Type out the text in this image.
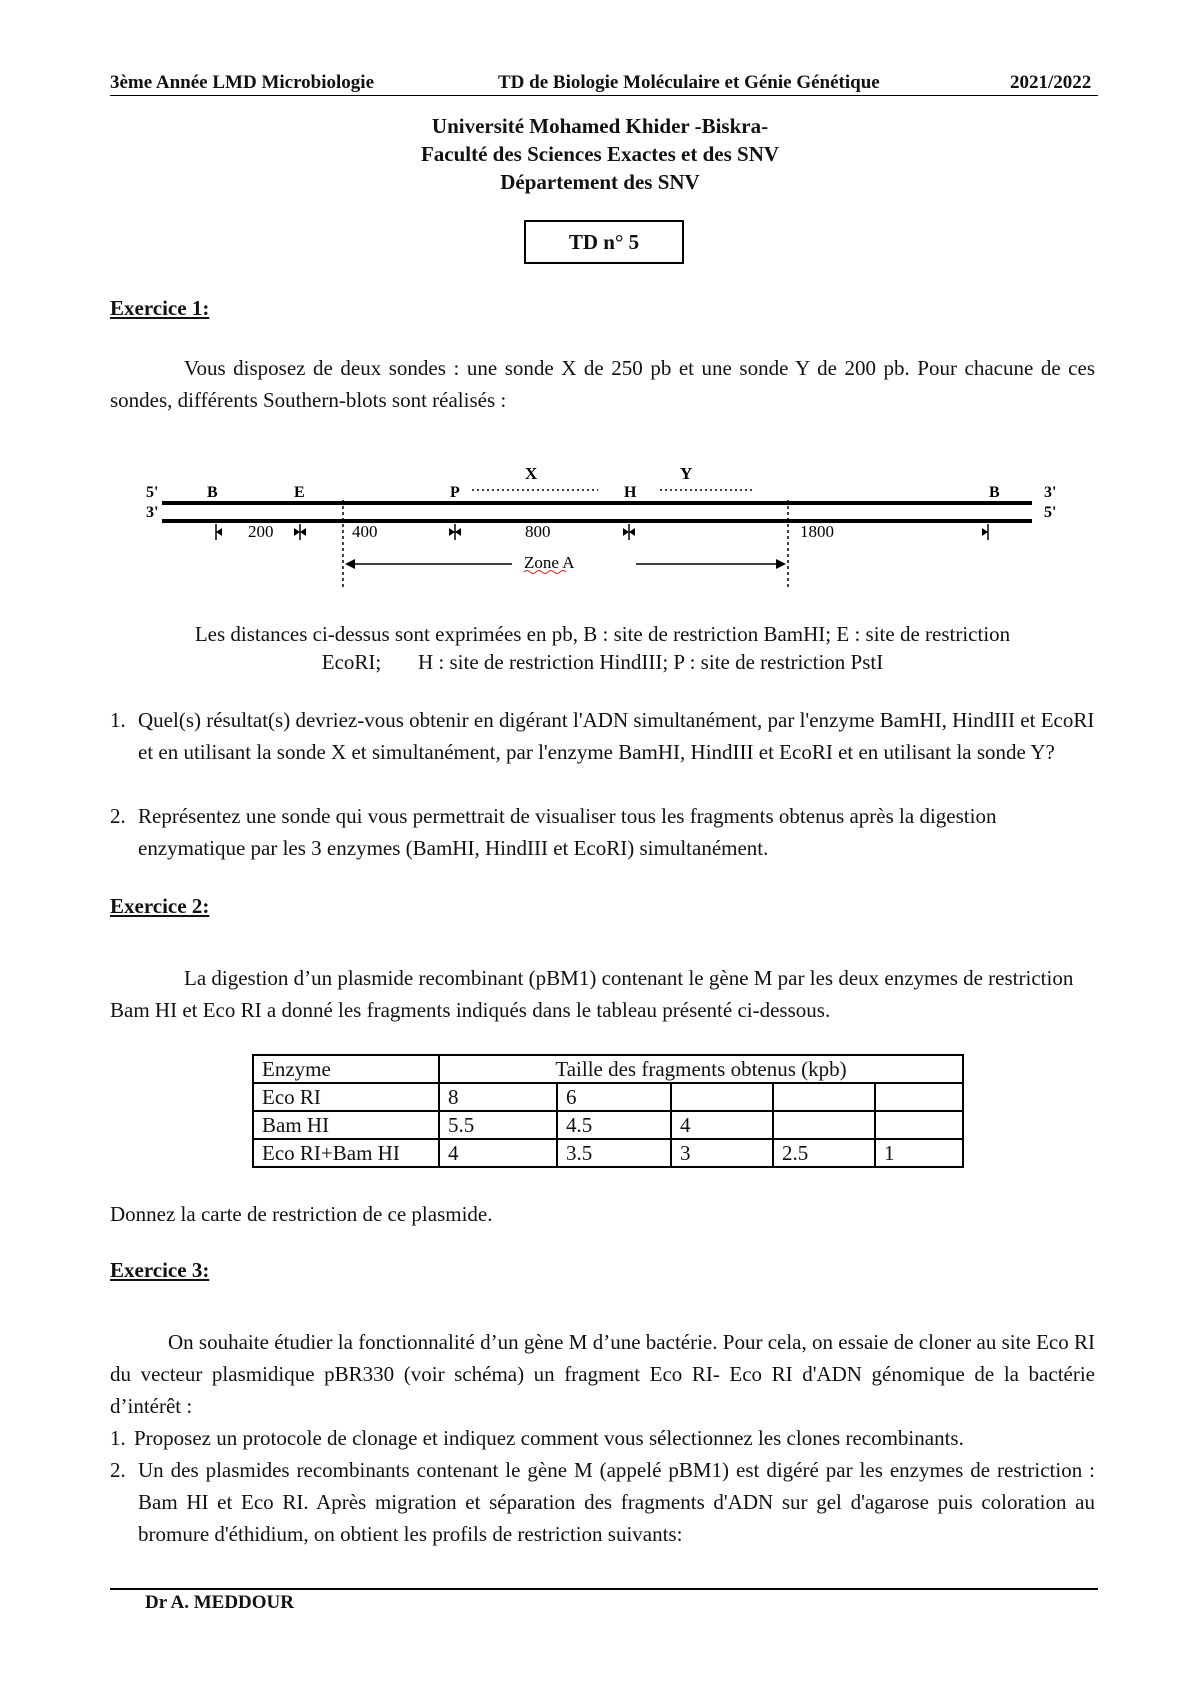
3ème Année LMD Microbiologie	TD de Biologie Moléculaire et Génie Génétique	2021/2022
Université Mohamed Khider -Biskra-
Faculté des Sciences Exactes et des SNV
Département des SNV
TD n° 5
Exercice 1:
Vous disposez de deux sondes : une sonde X de 250 pb et une sonde Y de 200 pb. Pour chacune de ces sondes, différents Southern-blots sont réalisés :
5'
3'
3'
5'
B	E	P	H	B
X	Y
200	400	800	1800
Zone A
Les distances ci-dessus sont exprimées en pb, B : site de restriction BamHI; E : site de restriction
EcoRI;       H : site de restriction HindIII; P : site de restriction PstI
1. Quel(s) résultat(s) devriez-vous obtenir en digérant l'ADN simultanément, par l'enzyme BamHI, HindIII et EcoRI et en utilisant la sonde X et simultanément, par l'enzyme BamHI, HindIII et EcoRI et en utilisant la sonde Y?
2. Représentez une sonde qui vous permettrait de visualiser tous les fragments obtenus après la digestion enzymatique par les 3 enzymes (BamHI, HindIII et EcoRI) simultanément.
Exercice 2:
La digestion d’un plasmide recombinant (pBM1) contenant le gène M par les deux enzymes de restriction Bam HI et Eco RI a donné les fragments indiqués dans le tableau présenté ci-dessous.
Enzyme	Taille des fragments obtenus (kpb)				
Eco RI	8	6			
Bam HI	5.5	4.5	4		
Eco RI+Bam HI	4	3.5	3	2.5	1
Donnez la carte de restriction de ce plasmide.
Exercice 3:
On souhaite étudier la fonctionnalité d’un gène M d’une bactérie. Pour cela, on essaie de cloner au site Eco RI du vecteur plasmidique pBR330 (voir schéma) un fragment Eco RI- Eco RI d'ADN génomique de la bactérie d’intérêt :
1. Proposez un protocole de clonage et indiquez comment vous sélectionnez les clones recombinants.
2. Un des plasmides recombinants contenant le gène M (appelé pBM1) est digéré par les enzymes de restriction : Bam HI et Eco RI. Après migration et séparation des fragments d'ADN sur gel d'agarose puis coloration au bromure d'éthidium, on obtient les profils de restriction suivants:
Dr A. MEDDOUR
